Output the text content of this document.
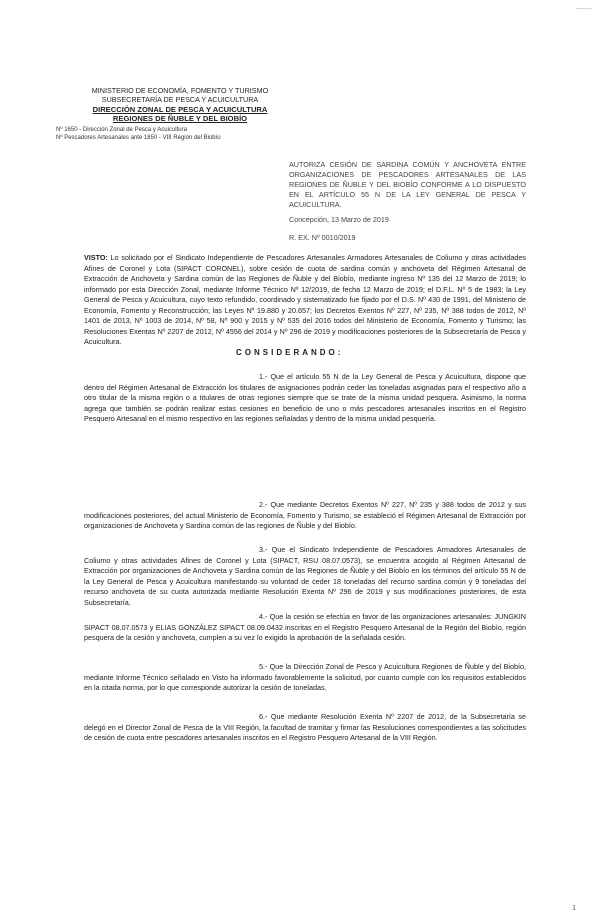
-------
MINISTERIO DE ECONOMÍA, FOMENTO Y TURISMO
SUBSECRETARÍA DE PESCA Y ACUICULTURA
DIRECCIÓN ZONAL DE PESCA Y ACUICULTURA
REGIONES DE ÑUBLE Y DEL BIOBÍO
Nº 1650 - Dirección Zonal de Pesca y Acuicultura
Nº Pescadores Artesanales ante 1850 - VIII Región del Biobío
AUTORIZA CESIÓN DE SARDINA COMÚN Y ANCHOVETA ENTRE ORGANIZACIONES DE PESCADORES ARTESANALES DE LAS REGIONES DE ÑUBLE Y DEL BIOBÍO CONFORME A LO DISPUESTO EN EL ARTÍCULO 55 N DE LA LEY GENERAL DE PESCA Y ACUICULTURA.
Concepción, 13 Marzo de 2019
R. EX. Nº 0010/2019
VISTO: Lo solicitado por el Sindicato Independiente de Pescadores Artesanales Armadores Artesanales de Coliumo y otras actividades Afines de Coronel y Lota (SIPACT CORONEL), sobre cesión de cuota de sardina común y anchoveta del Régimen Artesanal de Extracción de Anchoveta y Sardina común de las Regiones de Ñuble y del Biobío, mediante ingreso Nº 135 del 12 Marzo de 2019; lo informado por esta Dirección Zonal, mediante Informe Técnico Nº 12/2019, de fecha 12 Marzo de 2019; el D.F.L. Nº 5 de 1983; la Ley General de Pesca y Acuicultura, cuyo texto refundido, coordinado y sistematizado fue fijado por el D.S. Nº 430 de 1991, del Ministerio de Economía, Fomento y Reconstrucción; las Leyes Nº 19.880 y 20.657; los Decretos Exentos Nº 227, Nº 235, Nº 388 todos de 2012, Nº 1401 de 2013, Nº 1003 de 2014, Nº 58, Nº 900 y 2015 y Nº 535 del 2016 todos del Ministerio de Economía, Fomento y Turismo; las Resoluciones Exentas Nº 2207 de 2012, Nº 4556 del 2014 y Nº 296 de 2019 y modificaciones posteriores de la Subsecretaría de Pesca y Acuicultura.
CONSIDERANDO:
1.- Que el artículo 55 N de la Ley General de Pesca y Acuicultura, dispone que dentro del Régimen Artesanal de Extracción los titulares de asignaciones podrán ceder las toneladas asignadas para el respectivo año a otro titular de la misma región o a titulares de otras regiones siempre que se trate de la misma unidad pesquera. Asimismo, la norma agrega que también se podrán realizar estas cesiones en beneficio de uno o más pescadores artesanales inscritos en el Registro Pesquero Artesanal en el mismo respectivo en las regiones señaladas y dentro de la misma unidad pesquería.
2.- Que mediante Decretos Exentos Nº 227, Nº 235 y 388 todos de 2012 y sus modificaciones posteriores, del actual Ministerio de Economía, Fomento y Turismo, se estableció el Régimen Artesanal de Extracción por organizaciones de Anchoveta y Sardina común de las regiones de Ñuble y del Biobío.
3.- Que el Sindicato Independiente de Pescadores Armadores Artesanales de Coliumo y otras actividades Afines de Coronel y Lota (SIPACT, RSU 08.07.0573), se encuentra acogido al Régimen Artesanal de Extracción por organizaciones de Anchoveta y Sardina común de las Regiones de Ñuble y del Biobío en los términos del artículo 55 N de la Ley General de Pesca y Acuicultura manifestando su voluntad de ceder 18 toneladas del recurso sardina común y 9 toneladas del recurso anchoveta de su cuota autorizada mediante Resolución Exenta Nº 296 de 2019 y sus modificaciones posteriores, de esta Subsecretaría.
4.- Que la cesión se efectúa en favor de las organizaciones artesanales: JUNGKIN SIPACT 08.07.0573 y ELIAS GONZÁLEZ SIPACT 08.09.0432 inscritas en el Registro Pesquero Artesanal de la Región del Biobío, región pesquera de la cesión y anchoveta, cumplen a su vez lo exigido la aprobación de la señalada cesión.
5.- Que la Dirección Zonal de Pesca y Acuicultura Regiones de Ñuble y del Biobío, mediante Informe Técnico señalado en Visto ha informado favorablemente la solicitud, por cuanto cumple con los requisitos establecidos en la citada norma, por lo que corresponde autorizar la cesión de toneladas.
6.- Que mediante Resolución Exenta Nº 2207 de 2012, de la Subsecretaría se delegó en el Director Zonal de Pesca de la VIII Región, la facultad de tramitar y firmar las Resoluciones correspondientes a las solicitudes de cesión de cuota entre pescadores artesanales inscritos en el Registro Pesquero Artesanal de la VIII Región.
1
